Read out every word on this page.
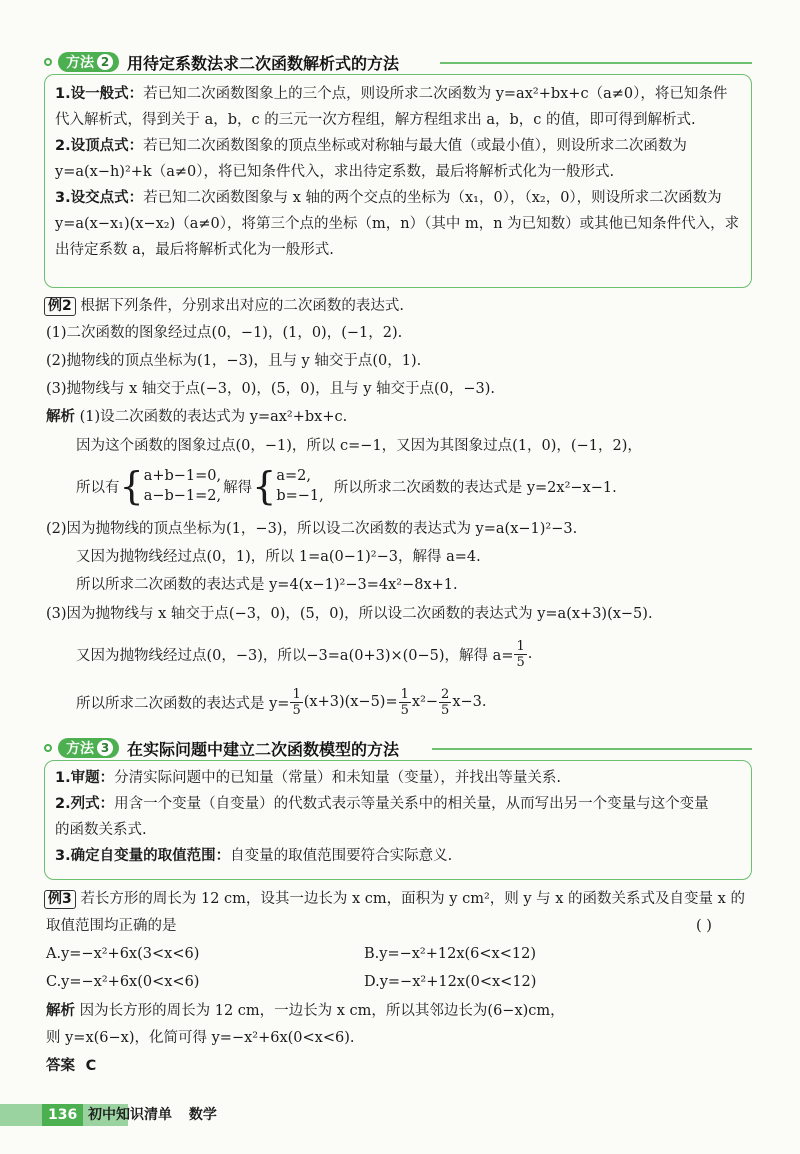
方法 2 用待定系数法求二次函数解析式的方法
1.设一般式：若已知二次函数图象上的三个点，则设所求二次函数为 y=ax²+bx+c（a≠0），将已知条件
代入解析式，得到关于 a，b，c 的三元一次方程组，解方程组求出 a，b，c 的值，即可得到解析式.
2.设顶点式：若已知二次函数图象的顶点坐标或对称轴与最大值（或最小值），则设所求二次函数为
y=a(x−h)²+k（a≠0），将已知条件代入，求出待定系数，最后将解析式化为一般形式.
3.设交点式：若已知二次函数图象与 x 轴的两个交点的坐标为（x₁，0），（x₂，0），则设所求二次函数为
y=a(x−x₁)(x−x₂)（a≠0），将第三个点的坐标（m，n）（其中 m，n 为已知数）或其他已知条件代入，求
出待定系数 a，最后将解析式化为一般形式.
例2 根据下列条件，分别求出对应的二次函数的表达式.
(1)二次函数的图象经过点(0，−1)，(1，0)，(−1，2).
(2)抛物线的顶点坐标为(1，−3)，且与 y 轴交于点(0，1).
(3)抛物线与 x 轴交于点(−3，0)，(5，0)，且与 y 轴交于点(0，−3).
解析 (1)设二次函数的表达式为 y=ax²+bx+c.
因为这个函数的图象过点(0，−1)，所以 c=−1，又因为其图象过点(1，0)，(−1，2)，
所以有 { a+b−1=0,
a−b−1=2,
解得 { a=2,
b=−1,
所以所求二次函数的表达式是 y=2x²−x−1.
(2)因为抛物线的顶点坐标为(1，−3)，所以设二次函数的表达式为 y=a(x−1)²−3.
又因为抛物线经过点(0，1)，所以 1=a(0−1)²−3，解得 a=4.
所以所求二次函数的表达式是 y=4(x−1)²−3=4x²−8x+1.
(3)因为抛物线与 x 轴交于点(−3，0)，(5，0)，所以设二次函数的表达式为 y=a(x+3)(x−5).
又因为抛物线经过点(0，−3)，所以−3=a(0+3)×(0−5)，解得 $a= \frac{1}{5}$ .
所以所求二次函数的表达式是 $y= \frac{1}{5} (x+3)(x-5)= \frac{1}{5} x^2- \frac{2}{5} x-3$.
方法 3 在实际问题中建立二次函数模型的方法
1.审题：分清实际问题中的已知量（常量）和未知量（变量），并找出等量关系.
2.列式：用含一个变量（自变量）的代数式表示等量关系中的相关量，从而写出另一个变量与这个变量
的函数关系式.
3.确定自变量的取值范围：自变量的取值范围要符合实际意义.
例3 若长方形的周长为 12 cm，设其一边长为 x cm，面积为 y cm²，则 y 与 x 的函数关系式及自变量 x 的
取值范围均正确的是	( )
A.y=−x²+6x(3<x<6)	B.y=−x²+12x(6<x<12)
C.y=−x²+6x(0<x<6)	D.y=−x²+12x(0<x<12)
解析 因为长方形的周长为 12 cm，一边长为 x cm，所以其邻边长为(6−x)cm，
则 y=x(6−x)，化简可得 y=−x²+6x(0<x<6).
答案 C
136 初中知识清单 数学
